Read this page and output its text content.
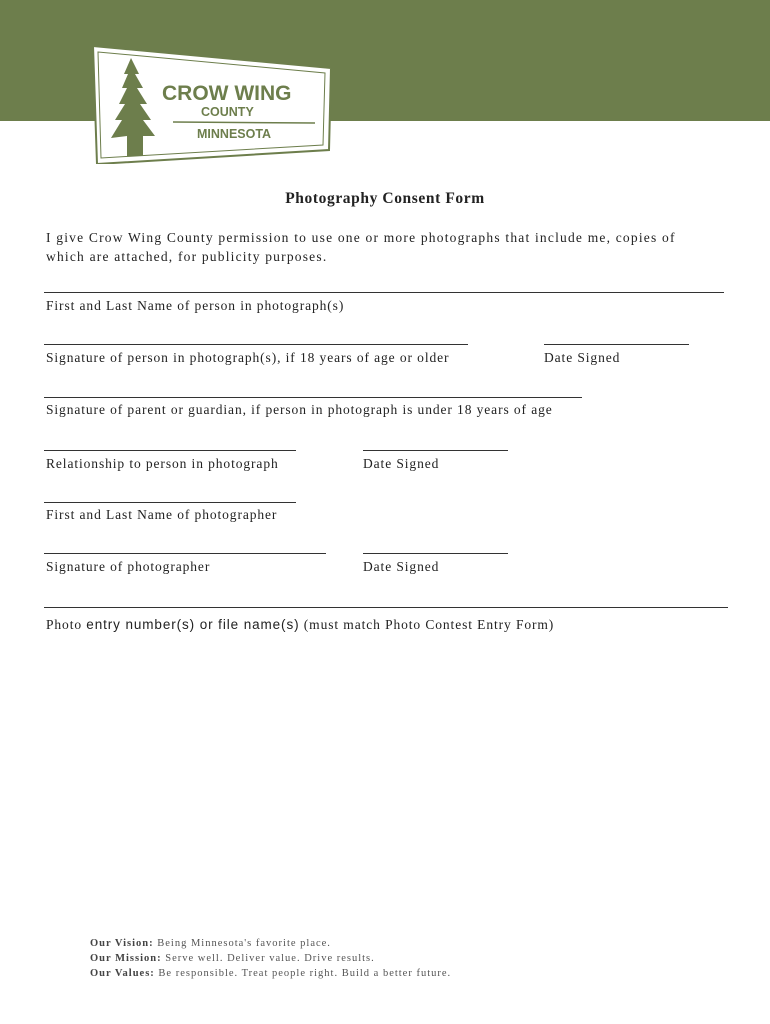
CROW WING
COUNTY
MINNESOTA
Photography Consent Form
I give Crow Wing County permission to use one or more photographs that include me, copies of which are attached, for publicity purposes.
First and Last Name of person in photograph(s)
Signature of person in photograph(s), if 18 years of age or older	Date Signed
Signature of parent or guardian, if person in photograph is under 18 years of age
Relationship to person in photograph	Date Signed
First and Last Name of photographer
Signature of photographer	Date Signed
Photo entry number(s) or file name(s) (must match Photo Contest Entry Form)
Our Vision: Being Minnesota's favorite place.
Our Mission: Serve well. Deliver value. Drive results.
Our Values: Be responsible. Treat people right. Build a better future.
